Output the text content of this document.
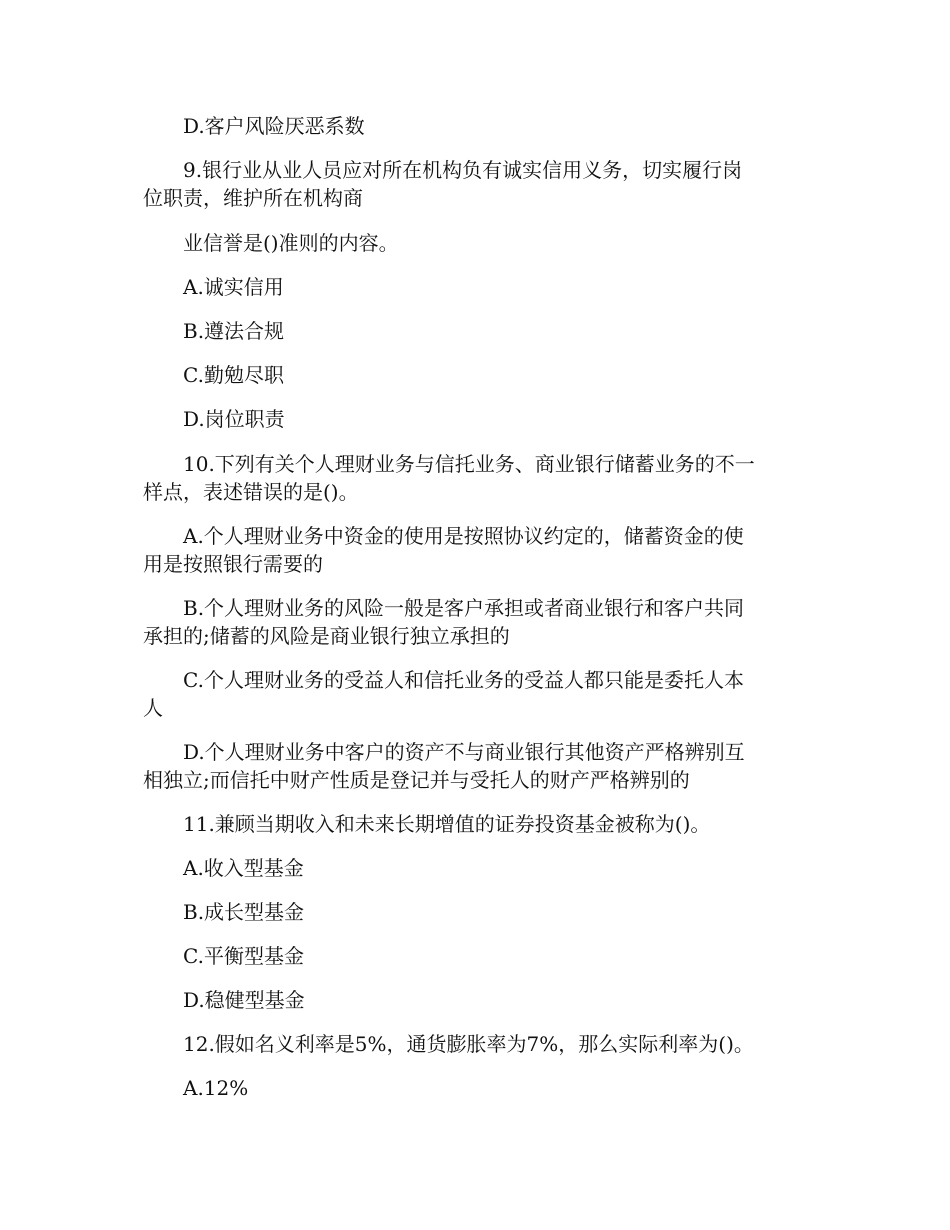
D.客户风险厌恶系数

9.银行业从业人员应对所在机构负有诚实信用义务，切实履行岗

位职责，维护所在机构商

业信誉是()准则的内容。

A.诚实信用

B.遵法合规

C.勤勉尽职

D.岗位职责

10.下列有关个人理财业务与信托业务、商业银行储蓄业务的不一

样点，表述错误的是()。

A.个人理财业务中资金的使用是按照协议约定的，储蓄资金的使

用是按照银行需要的

B.个人理财业务的风险一般是客户承担或者商业银行和客户共同

承担的;储蓄的风险是商业银行独立承担的

C.个人理财业务的受益人和信托业务的受益人都只能是委托人本

人

D.个人理财业务中客户的资产不与商业银行其他资产严格辨别互

相独立;而信托中财产性质是登记并与受托人的财产严格辨别的

11.兼顾当期收入和未来长期增值的证券投资基金被称为()。

A.收入型基金

B.成长型基金

C.平衡型基金

D.稳健型基金

12.假如名义利率是5%，通货膨胀率为7%，那么实际利率为()。

A.12%
